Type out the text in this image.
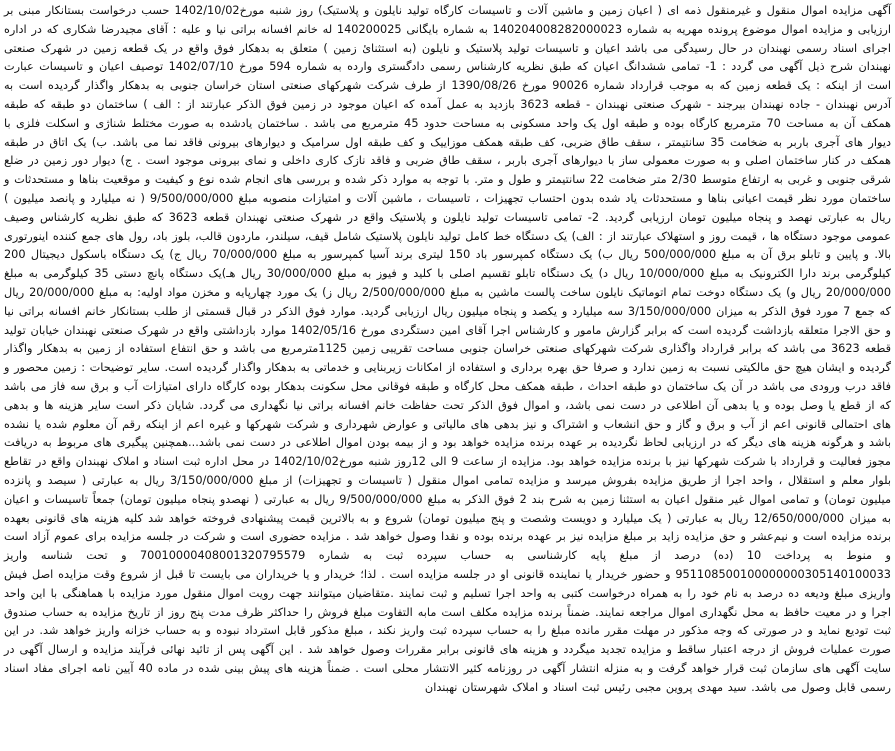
آگهی مزایده اموال منقول و غیرمنقول ذمه ای ( اعیان زمین و ماشین آلات و تاسیسات کارگاه تولید نایلون و پلاستیک) روز شنبه مورخ1402/10/02 حسب درخواست بستانکار مبنی بر ارزیابی و مزایده اموال موضوع پرونده مهریه به شماره 140204008282000023 به شماره بایگانی 140200025 له خانم افسانه براتی نیا و علیه : آقای مجیدرضا شکاری که در اداره اجرای اسناد رسمی نهبندان در حال رسیدگی می باشد اعیان و تاسیسات تولید پلاستیک و نایلون (به استثنائ زمین ) متعلق به بدهکار فوق واقع در یک قطعه زمین در شهرک صنعتی نهبندان شرح ذیل آگهی می گردد : 1- تمامی ششدانگ اعیان که طبق نظریه کارشناس رسمی دادگستری وارده به شماره 594 مورخ 1402/07/10 توصیف اعیان و تاسیسات عبارت است از اینکه : یک قطعه زمین که به موجب قرارداد شماره 90026 مورخ 1390/08/26 از طرف شرکت شهرکهای صنعتی استان خراسان جنوبی به بدهکار واگذار گردیده است به آدرس نهبندان - جاده نهبندان بیرجند - شهرک صنعتی نهبندان - قطعه 3623 بازدید به عمل آمده که اعیان موجود در زمین فوق الذکر عبارتند از : الف ) ساختمان دو طبقه که طبقه همکف آن به مساحت 70 مترمربع کارگاه بوده و طبقه اول یک واحد مسکونی به مساحت حدود 45 مترمربع می باشد . ساختمان یادشده به صورت مختلط شناژی و اسکلت فلزی با دیوار های آجری باربر به ضخامت 35 سانتیمتر ، سقف طاق ضربی، کف طبقه همکف موزاییک و کف طبقه اول سرامیک و دیوارهای بیرونی فاقد نما می باشد. ب) یک اتاق در طبقه همکف در کنار ساختمان اصلی و به صورت معمولی ساز با دیوارهای آجری باربر ، سقف طاق ضربی و فاقد نازک کاری داخلی و نمای بیرونی موجود است . ج) دیوار دور زمین در ضلع شرقی جنوبی و غربی به ارتفاع متوسط 2/30 متر ضخامت 22 سانتیمتر و طول و متر. با توجه به موارد ذکر شده و بررسی های انجام شده نوع و کیفیت و موقعیت بناها و مستحدثات و ساختمان مورد نظر قیمت اعیانی بناها و مستحدثات یاد شده بدون احتساب تجهیزات ، تاسیسات ، ماشین آلات و امتیازات منصوبه مبلغ 9/500/000/000 ( نه میلیارد و پانصد میلیون ) ریال به عبارتی نهصد و پنجاه میلیون تومان ارزیابی گردید. 2- تمامی تاسیسات تولید نایلون و پلاستیک واقع در شهرک صنعتی نهبندان قطعه 3623 که طبق نظریه کارشناس وصیف عمومی موجود دستگاه ها ، قیمت روز و استهلاک عبارتند از : الف) یک دستگاه خط کامل تولید نایلون پلاستیک شامل قیف، سیلندر، ماردون قالب، بلوز باد، رول های جمع کننده اینورتوری بالا. و پایین و تابلو برق آن به مبلغ 500/000/000 ریال ب) یک دستگاه کمپرسور باد 150 لیتری برند آسیا کمپرسور به مبلغ 70/000/000 ریال ج) یک دستگاه باسکول دیجیتال 200 کیلوگرمی برند دارا الکترونیک به مبلغ 10/000/000 ریال د) یک دستگاه تابلو تقسیم اصلی با کلید و فیوز به مبلغ 30/000/000 ریال هـ)یک دستگاه پانچ دستی 35 کیلوگرمی به مبلغ 20/000/000 ریال و) یک دستگاه دوخت تمام اتوماتیک نایلون ساخت پالست ماشین به مبلغ 2/500/000/000 ریال ز) یک مورد چهارپایه و مخزن مواد اولیه: به مبلغ 20/000/000 ریال که جمع 7 مورد فوق الذکر به میزان 3/150/000/000 سه میلیارد و یکصد و پنجاه میلیون ریال ارزیابی گردید. موارد فوق الذکر در قبال قسمتی از طلب بستانکار خانم افسانه براتی نیا و حق الاجرا متعلقه بازداشت گردیده است که برابر گزارش مامور و کارشناس اجرا آقای امین دستگردی مورخ 1402/05/16 موارد بازداشتی واقع در شهرک صنعتی نهبندان خیابان تولید قطعه 3623 می باشد که برابر قرارداد واگذاری شرکت شهرکهای صنعتی خراسان جنوبی مساحت تقریبی زمین 1125مترمربع می باشد و حق انتفاع استفاده از زمین به بدهکار واگذار گردیده و ایشان هیچ حق مالکیتی نسبت به زمین ندارد و صرفا حق بهره برداری و استفاده از امکانات زیربنایی و خدماتی به بدهکار واگذار گردیده است. سایر توضیحات : زمین محصور و فاقد درب ورودی می باشد در آن یک ساختمان دو طبقه احداث ، طبقه همکف محل کارگاه و طبقه فوقانی محل سکونت بدهکار بوده کارگاه دارای امتیازات آب و برق سه فاز می باشد که از قطع یا وصل بوده و یا بدهی آن اطلاعی در دست نمی باشد، و اموال فوق الذکر تحت حفاظت خانم افسانه براتی نیا نگهداری می گردد. شایان ذکر است سایر هزینه ها و بدهی های احتمالی قانونی اعم از آب و برق و گاز و حق انشعاب و اشتراک و نیز بدهی های مالیاتی و عوارض شهرداری و شرکت شهرکها و غیره اعم از اینکه رقم آن معلوم شده یا نشده باشد و هرگونه هزینه های دیگر که در ارزیابی لحاظ نگردیده بر عهده برنده مزایده خواهد بود و از بیمه بودن اموال اطلاعی در دست نمی باشد...همچنین پیگیری های مربوط به دریافت مجوز فعالیت و قرارداد با شرکت شهرکها نیز با برنده مزایده خواهد بود. مزایده از ساعت 9 الی 12روز شنبه مورخ1402/10/02 در محل اداره ثبت اسناد و املاک نهبندان واقع در تقاطع بلوار معلم و استقلال ، واحد اجرا از طریق مزایده بفروش میرسد و مزایده تمامی اموال منقول ( تاسیسات و تجهیزات) از مبلغ 3/150/000/000 ریال به عبارتی ( سیصد و پانزده میلیون تومان) و تمامی اموال غیر منقول اعیان به استثنا زمین به شرح بند 2 فوق الذکر به مبلغ 9/500/000/000 ریال به عبارتی ( نهصدو پنجاه میلیون تومان) جمعاً تاسیسات و اعیان به میزان 12/650/000/000 ریال به عبارتی ( یک میلیارد و دویست وشصت و پنج میلیون تومان) شروع و به بالاترین قیمت پیشنهادی فروخته خواهد شد کلیه هزینه های قانونی بعهده برنده مزایده است و نیم‌عشر و حق مزایده زاید بر مبلغ مزایده نیز بر عهده برنده بوده و نقدا وصول خواهد شد . مزایده حضوری است و شرکت در جلسه مزایده برای عموم آزاد است و منوط به پرداخت 10 (ده) درصد از مبلغ پایه کارشناسی به حساب سپرده ثبت به شماره 7001000040800132079557‪9‬ و تحت شناسه واریز 951108500100000000305140100033 و حضور خریدار یا نماینده قانونی او در جلسه مزایده است . لذا؛ خریدار و یا خریداران می بایست تا قبل از شروع وقت مزایده اصل فیش واریزی مبلغ ودیعه ده درصد به نام خود را به همراه درخواست کتبی به واحد اجرا تسلیم و ثبت نمایند .متقاضیان میتوانند جهت رویت اموال منقول مورد مزایده با هماهنگی با این واحد اجرا و در معیت حافظ به محل نگهداری اموال مراجعه نمایند. ضمناً برنده مزایده مکلف است مابه التفاوت مبلغ فروش را حداکثر ظرف مدت پنج روز از تاریخ مزایده به حساب صندوق ثبت تودیع نماید و در صورتی که وجه مذکور در مهلت مقرر مانده مبلغ را به حساب سپرده ثبت واریز نکند ، مبلغ مذکور قابل استرداد نبوده و به حساب خزانه واریز خواهد شد. در این صورت عملیات فروش از درجه اعتبار ساقط و مزایده تجدید میگردد و هزینه های قانونی برابر مقررات وصول خواهد شد . این آگهی پس از تائید نهائی فرآیند مزایده و ارسال آگهی در سایت آگهی های سازمان ثبت قرار خواهد گرفت و به منزله انتشار آگهی در روزنامه کثیر الانتشار محلی است . ضمناً هزینه های پیش بینی شده در ماده 40 آیین نامه اجرای مفاد اسناد رسمی قابل وصول می باشد. سید مهدی پروین مجبی رئیس ثبت اسناد و املاک شهرستان نهبندان
